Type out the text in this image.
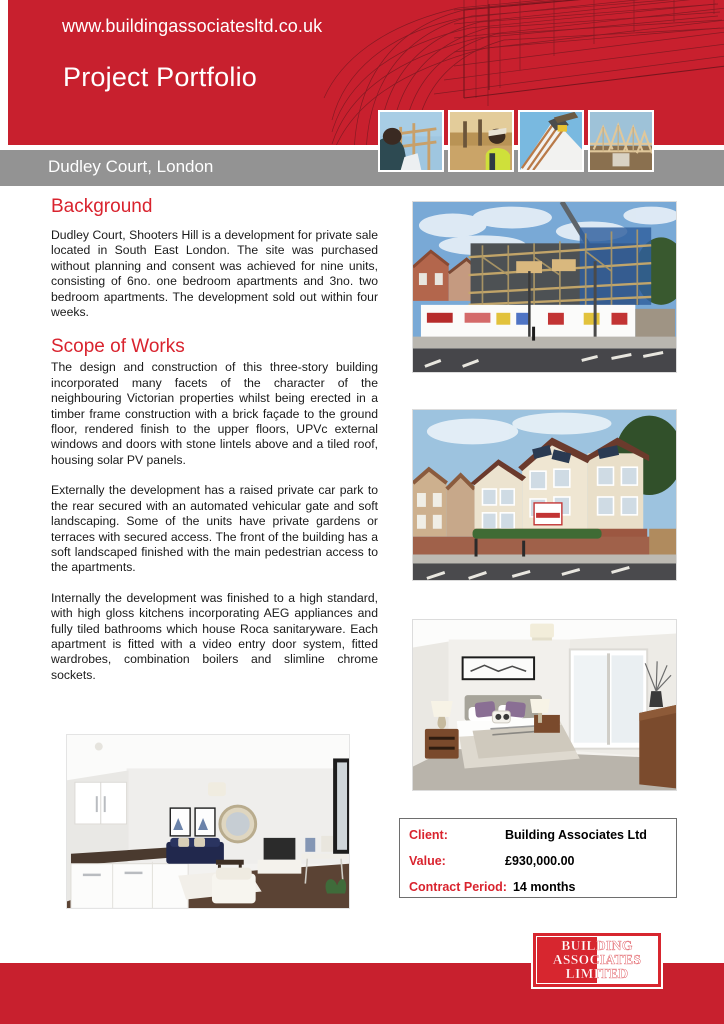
Project Portfolio
Dudley Court, London
Background

Dudley Court, Shooters Hill is a development for private sale located in South East London. The site was purchased without planning and consent was achieved for nine units, consisting of 6no. one bedroom apartments and 3no. two bedroom apartments. The development sold out within four weeks.

Scope of Works

The design and construction of this three-story building incorporated many facets of the character of the neighbouring Victorian properties whilst being erected in a timber frame construction with a brick façade to the ground floor, rendered finish to the upper floors, UPVc external windows and doors with stone lintels above and a tiled roof, housing solar PV panels.

Externally the development has a raised private car park to the rear secured with an automated vehicular gate and soft landscaping. Some of the units have private gardens or terraces with secured access. The front of the building has a soft landscaped finished with the main pedestrian access to the apartments.

Internally the development was finished to a high standard, with high gloss kitchens incorporating AEG appliances and fully tiled bathrooms which house Roca sanitaryware. Each apartment is fitted with a video entry door system, fitted wardrobes, combination boilers and slimline chrome sockets.

Client:	Building Associates Ltd
Value:	£930,000.00
Contract Period: 14 months
BUILDING
ASSOCIATES
LIMITED
www.buildingassociatesltd.co.uk
